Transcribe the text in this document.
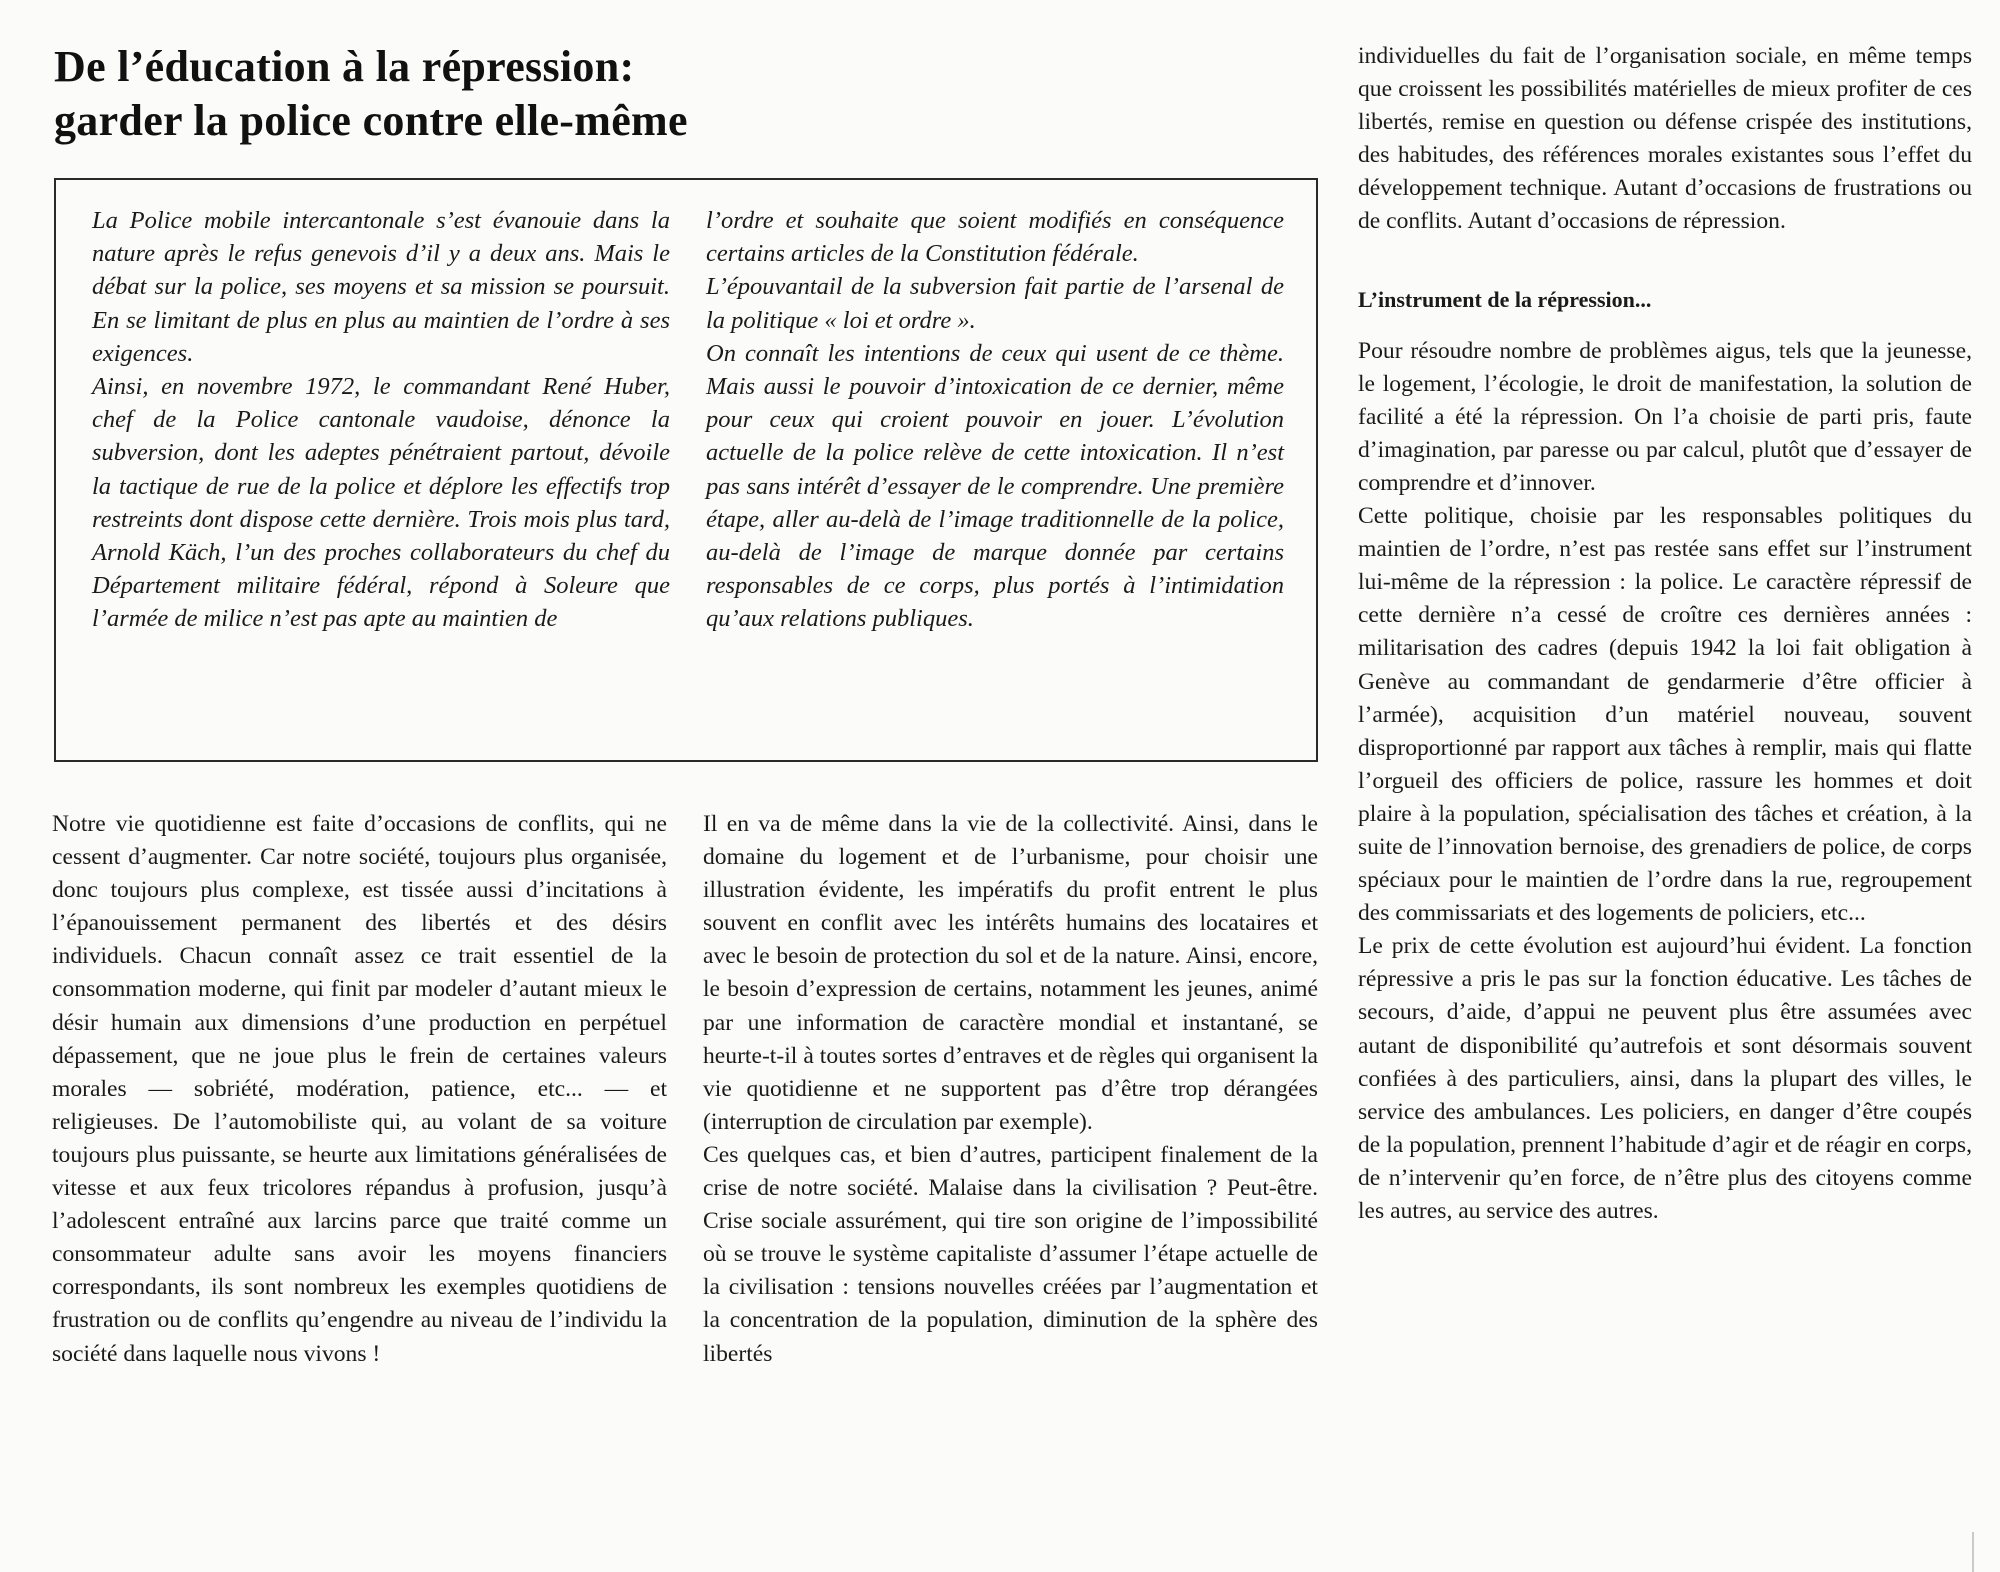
De l’éducation à la répression:
garder la police contre elle-même

La Police mobile intercantonale s’est évanouie dans la nature après le refus genevois d’il y a deux ans. Mais le débat sur la police, ses moyens et sa mission se poursuit. En se limitant de plus en plus au maintien de l’ordre à ses exigences.

Ainsi, en novembre 1972, le commandant René Huber, chef de la Police cantonale vaudoise, dénonce la subversion, dont les adeptes pénétraient partout, dévoile la tactique de rue de la police et déplore les effectifs trop restreints dont dispose cette dernière. Trois mois plus tard, Arnold Käch, l’un des proches collaborateurs du chef du Département militaire fédéral, répond à Soleure que l’armée de milice n’est pas apte au maintien de

l’ordre et souhaite que soient modifiés en conséquence certains articles de la Constitution fédérale.

L’épouvantail de la subversion fait partie de l’arsenal de la politique « loi et ordre ».

On connaît les intentions de ceux qui usent de ce thème. Mais aussi le pouvoir d’intoxication de ce dernier, même pour ceux qui croient pouvoir en jouer. L’évolution actuelle de la police relève de cette intoxication. Il n’est pas sans intérêt d’essayer de le comprendre. Une première étape, aller au-delà de l’image traditionnelle de la police, au-delà de l’image de marque donnée par certains responsables de ce corps, plus portés à l’intimidation qu’aux relations publiques.

Notre vie quotidienne est faite d’occasions de conflits, qui ne cessent d’augmenter. Car notre société, toujours plus organisée, donc toujours plus complexe, est tissée aussi d’incitations à l’épanouissement permanent des libertés et des désirs individuels. Chacun connaît assez ce trait essentiel de la consommation moderne, qui finit par modeler d’autant mieux le désir humain aux dimensions d’une production en perpétuel dépassement, que ne joue plus le frein de certaines valeurs morales — sobriété, modération, patience, etc... — et religieuses. De l’automobiliste qui, au volant de sa voiture toujours plus puissante, se heurte aux limitations généralisées de vitesse et aux feux tricolores répandus à profusion, jusqu’à l’adolescent entraîné aux larcins parce que traité comme un consommateur adulte sans avoir les moyens financiers correspondants, ils sont nombreux les exemples quotidiens de frustration ou de conflits qu’engendre au niveau de l’individu la société dans laquelle nous vivons !

Il en va de même dans la vie de la collectivité. Ainsi, dans le domaine du logement et de l’urbanisme, pour choisir une illustration évidente, les impératifs du profit entrent le plus souvent en conflit avec les intérêts humains des locataires et avec le besoin de protection du sol et de la nature. Ainsi, encore, le besoin d’expression de certains, notamment les jeunes, animé par une information de caractère mondial et instantané, se heurte-t-il à toutes sortes d’entraves et de règles qui organisent la vie quotidienne et ne supportent pas d’être trop dérangées (interruption de circulation par exemple).

Ces quelques cas, et bien d’autres, participent finalement de la crise de notre société. Malaise dans la civilisation ? Peut-être. Crise sociale assurément, qui tire son origine de l’impossibilité où se trouve le système capitaliste d’assumer l’étape actuelle de la civilisation : tensions nouvelles créées par l’augmentation et la concentration de la population, diminution de la sphère des libertés

individuelles du fait de l’organisation sociale, en même temps que croissent les possibilités matérielles de mieux profiter de ces libertés, remise en question ou défense crispée des institutions, des habitudes, des références morales existantes sous l’effet du développement technique. Autant d’occasions de frustrations ou de conflits. Autant d’occasions de répression.

L’instrument de la répression...

Pour résoudre nombre de problèmes aigus, tels que la jeunesse, le logement, l’écologie, le droit de manifestation, la solution de facilité a été la répression. On l’a choisie de parti pris, faute d’imagination, par paresse ou par calcul, plutôt que d’essayer de comprendre et d’innover.

Cette politique, choisie par les responsables politiques du maintien de l’ordre, n’est pas restée sans effet sur l’instrument lui-même de la répression : la police. Le caractère répressif de cette dernière n’a cessé de croître ces dernières années : militarisation des cadres (depuis 1942 la loi fait obligation à Genève au commandant de gendarmerie d’être officier à l’armée), acquisition d’un matériel nouveau, souvent disproportionné par rapport aux tâches à remplir, mais qui flatte l’orgueil des officiers de police, rassure les hommes et doit plaire à la population, spécialisation des tâches et création, à la suite de l’innovation bernoise, des grenadiers de police, de corps spéciaux pour le maintien de l’ordre dans la rue, regroupement des commissariats et des logements de policiers, etc...

Le prix de cette évolution est aujourd’hui évident. La fonction répressive a pris le pas sur la fonction éducative. Les tâches de secours, d’aide, d’appui ne peuvent plus être assumées avec autant de disponibilité qu’autrefois et sont désormais souvent confiées à des particuliers, ainsi, dans la plupart des villes, le service des ambulances. Les policiers, en danger d’être coupés de la population, prennent l’habitude d’agir et de réagir en corps, de n’intervenir qu’en force, de n’être plus des citoyens comme les autres, au service des autres.
